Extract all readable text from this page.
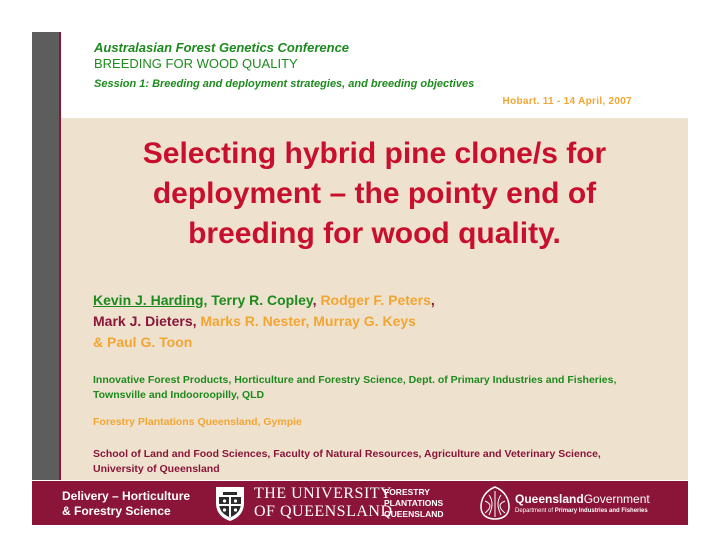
Australasian Forest Genetics Conference
BREEDING FOR WOOD QUALITY
Session 1: Breeding and deployment strategies, and breeding objectives
Hobart. 11 - 14 April, 2007
Selecting hybrid pine clone/s for
deployment – the pointy end of
breeding for wood quality.
Kevin J. Harding, Terry R. Copley, Rodger F. Peters,
Mark J. Dieters, Marks R. Nester, Murray G. Keys
& Paul G. Toon
Innovative Forest Products, Horticulture and Forestry Science, Dept. of Primary Industries and Fisheries, Townsville and Indooroopilly, QLD
Forestry Plantations Queensland, Gympie
School of Land and Food Sciences, Faculty of Natural Resources, Agriculture and Veterinary Science, University of Queensland
Delivery – Horticulture
& Forestry Science
THE UNIVERSITY
OF QUEENSLAND
FORESTRY
PLANTATIONS
QUEENSLAND
QueenslandGovernment
Department of Primary Industries and Fisheries
